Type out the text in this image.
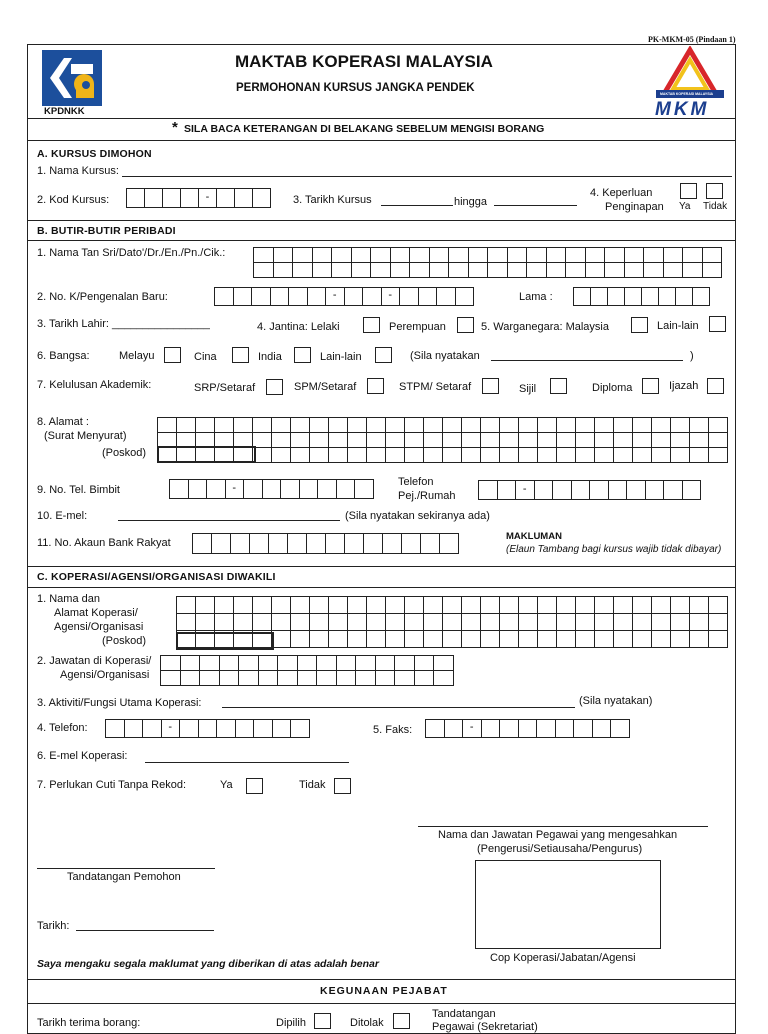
PK-MKM-05 (Pindaan 1)
KPDNKK
MAKTAB KOPERASI MALAYSIA
PERMOHONAN KURSUS JANGKA PENDEK	MAKTAB KOPERASI MALAYSIA
MKM
* SILA BACA KETERANGAN DI BELAKANG SEBELUM MENGISI BORANG
A. KURSUS DIMOHON
1. Nama Kursus:
2. Kod Kursus:	-	3. Tarikh Kursus	hingga
4. Keperluan
Penginapan Ya Tidak
B. BUTIR-BUTIR PERIBADI
1. Nama Tan Sri/Dato'/Dr./En./Pn./Cik.:
2. No. K/Pengenalan Baru:	-	-	Lama :
3. Tarikh Lahir: ________________	4. Jantina: Lelaki	Perempuan	5. Warganegara: Malaysia	Lain-lain
6. Bangsa:	Melayu	Cina	India	Lain-lain	(Sila nyatakan	)
7. Kelulusan Akademik:	SRP/Setaraf	SPM/Setaraf	STPM/ Setaraf	Sijil	Diploma	Ijazah
8. Alamat :
(Surat Menyurat)
(Poskod)
9. No. Tel. Bimbit	-	Telefon
Pej./Rumah
-
10. E-mel:	(Sila nyatakan sekiranya ada)
11. No. Akaun Bank Rakyat
MAKLUMAN
(Elaun Tambang bagi kursus wajib tidak dibayar)
C. KOPERASI/AGENSI/ORGANISASI DIWAKILI
1. Nama dan
Alamat Koperasi/
Agensi/Organisasi
(Poskod)
2. Jawatan di Koperasi/
Agensi/Organisasi
3. Aktiviti/Fungsi Utama Koperasi:	(Sila nyatakan)
4. Telefon:	-	5. Faks:	-
6. E-mel Koperasi:
7. Perlukan Cuti Tanpa Rekod:	Ya	Tidak
Nama dan Jawatan Pegawai yang mengesahkan
(Pengerusi/Setiausaha/Pengurus)
Tandatangan Pemohon
Cop Koperasi/Jabatan/Agensi
Tarikh:
Saya mengaku segala maklumat yang diberikan di atas adalah benar
KEGUNAAN PEJABAT
Tarikh terima borang:	Dipilih	Ditolak
Tandatangan
Pegawai (Sekretariat)
